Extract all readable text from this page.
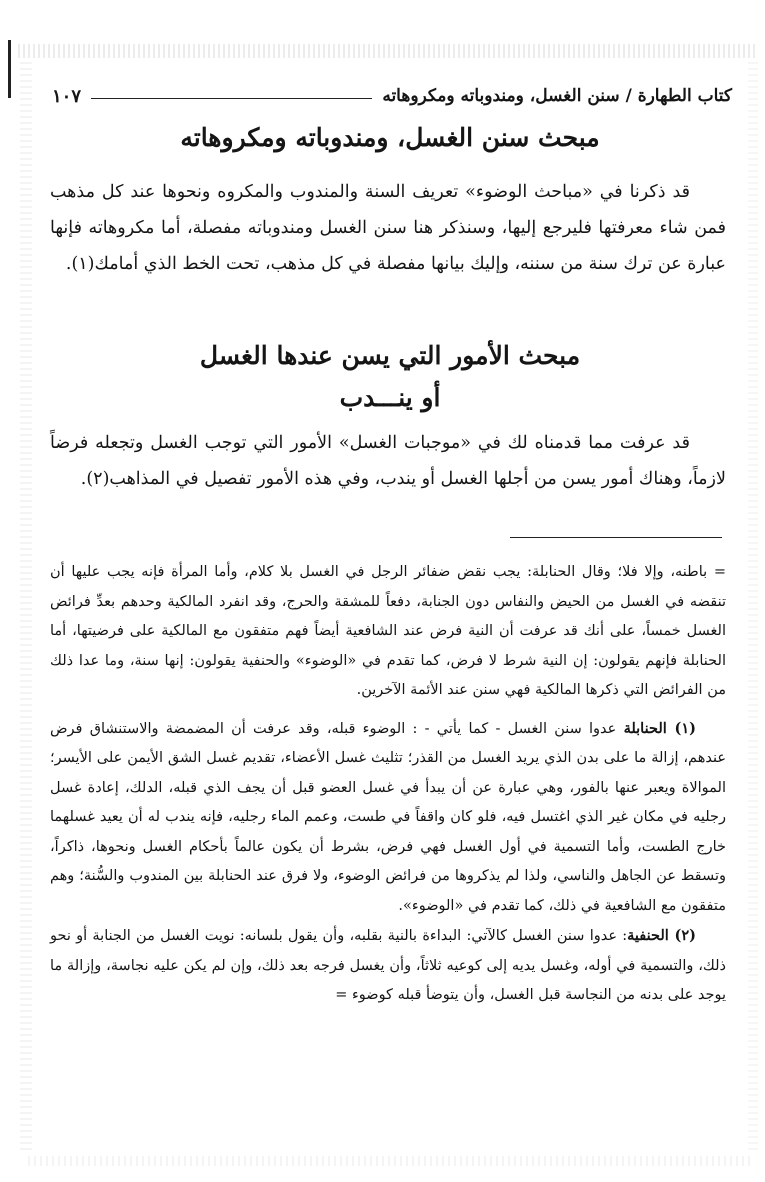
كتاب الطهارة / سنن الغسل، ومندوباته ومكروهاته
١٠٧
مبحث سنن الغسل، ومندوباته ومكروهاته

قد ذكرنا في «مباحث الوضوء» تعريف السنة والمندوب والمكروه ونحوها عند كل مذهب فمن شاء معرفتها فليرجع إليها، وسنذكر هنا سنن الغسل ومندوباته مفصلة، أما مكروهاته فإنها عبارة عن ترك سنة من سننه، وإليك بيانها مفصلة في كل مذهب، تحت الخط الذي أمامك(١).

مبحث الأمور التي يسن عندها الغسل
أو ينـــدب

قد عرفت مما قدمناه لك في «موجبات الغسل» الأمور التي توجب الغسل وتجعله فرضاً لازماً، وهناك أمور يسن من أجلها الغسل أو يندب، وفي هذه الأمور تفصيل في المذاهب(٢).

= باطنه، وإلا فلا؛ وقال الحنابلة: يجب نقض ضفائر الرجل في الغسل بلا كلام، وأما المرأة فإنه يجب عليها أن تنقضه في الغسل من الحيض والنفاس دون الجنابة، دفعاً للمشقة والحرج، وقد انفرد المالكية وحدهم بعدِّ فرائض الغسل خمساً، على أنك قد عرفت أن النية فرض عند الشافعية أيضاً فهم متفقون مع المالكية على فرضيتها، أما الحنابلة فإنهم يقولون: إن النية شرط لا فرض، كما تقدم في «الوضوء» والحنفية يقولون: إنها سنة، وما عدا ذلك من الفرائض التي ذكرها المالكية فهي سنن عند الأئمة الآخرين.

(١) الحنابلة عدوا سنن الغسل - كما يأتي - : الوضوء قبله، وقد عرفت أن المضمضة والاستنشاق فرض عندهم، إزالة ما على بدن الذي يريد الغسل من القذر؛ تثليث غسل الأعضاء، تقديم غسل الشق الأيمن على الأيسر؛ الموالاة ويعبر عنها بالفور، وهي عبارة عن أن يبدأ في غسل العضو قبل أن يجف الذي قبله، الدلك، إعادة غسل رجليه في مكان غير الذي اغتسل فيه، فلو كان واقفاً في طست، وعمم الماء رجليه، فإنه يندب له أن يعيد غسلهما خارج الطست، وأما التسمية في أول الغسل فهي فرض، بشرط أن يكون عالماً بأحكام الغسل ونحوها، ذاكراً، وتسقط عن الجاهل والناسي، ولذا لم يذكروها من فرائض الوضوء، ولا فرق عند الحنابلة بين المندوب والسُّنة؛ وهم متفقون مع الشافعية في ذلك، كما تقدم في «الوضوء».

(٢) الحنفية: عدوا سنن الغسل كالآتي: البداءة بالنية بقلبه، وأن يقول بلسانه: نويت الغسل من الجنابة أو نحو ذلك، والتسمية في أوله، وغسل يديه إلى كوعيه ثلاثاً، وأن يغسل فرجه بعد ذلك، وإن لم يكن عليه نجاسة، وإزالة ما يوجد على بدنه من النجاسة قبل الغسل، وأن يتوضأ قبله كوضوء =
